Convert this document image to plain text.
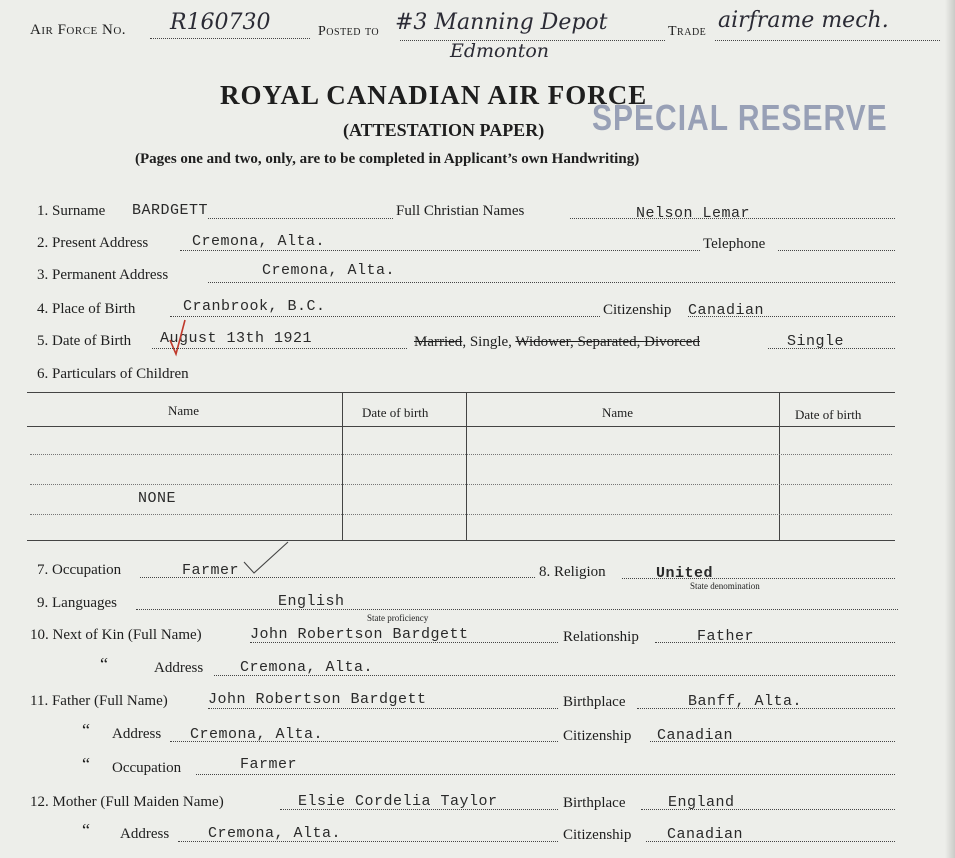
Air Force No. R160730	Posted to #3 Manning Depot
Edmonton
Trade airframe mech.
ROYAL CANADIAN AIR FORCE
(ATTESTATION PAPER) SPECIAL RESERVE
(Pages one and two, only, are to be completed in Applicant’s own Handwriting)
1. Surname BARDGETT	Full Christian Names	Nelson Lemar
2. Present Address	Cremona, Alta.	Telephone
3. Permanent Address	Cremona, Alta.
4. Place of Birth	Cranbrook, B.C.	Citizenship Canadian
5. Date of Birth August 13th 1921	Married, Single, Widower, Separated, Divorced	Single
6. Particulars of Children
Name	Date of birth	Name	Date of birth
NONE
7. Occupation	Farmer	8. Religion	United
State denomination
9. Languages	English
State proficiency
10. Next of Kin (Full Name)	John Robertson Bardgett	Relationship	Father
“	Address Cremona, Alta.
11. Father (Full Name)	John Robertson Bardgett	Birthplace	Banff, Alta.
“ Address Cremona, Alta.	Citizenship Canadian
“ Occupation	Farmer
12. Mother (Full Maiden Name)	Elsie Cordelia Taylor	Birthplace	England
“ Address	Cremona, Alta.	Citizenship Canadian
